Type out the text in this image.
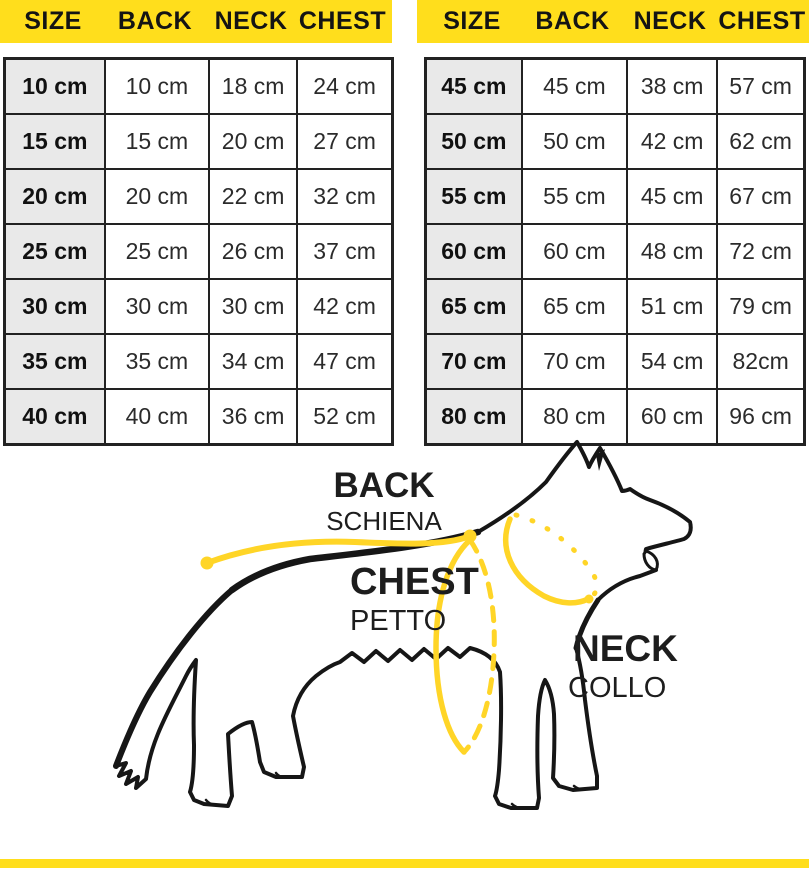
SIZE	BACK NECK CHEST	SIZE	BACK NECK CHEST
10 cm	10 cm	18 cm	24 cm
15 cm	15 cm	20 cm	27 cm
20 cm	20 cm	22 cm	32 cm
25 cm	25 cm	26 cm	37 cm
30 cm	30 cm	30 cm	42 cm
35 cm	35 cm	34 cm	47 cm
40 cm	40 cm	36 cm	52 cm
45 cm	45 cm	38 cm	57 cm
50 cm	50 cm	42 cm	62 cm
55 cm	55 cm	45 cm	67 cm
60 cm	60 cm	48 cm	72 cm
65 cm	65 cm	51 cm	79 cm
70 cm	70 cm	54 cm	82cm
80 cm	80 cm	60 cm	96 cm
BACK
SCHIENA
CHEST
PETTO
NECK
COLLO
